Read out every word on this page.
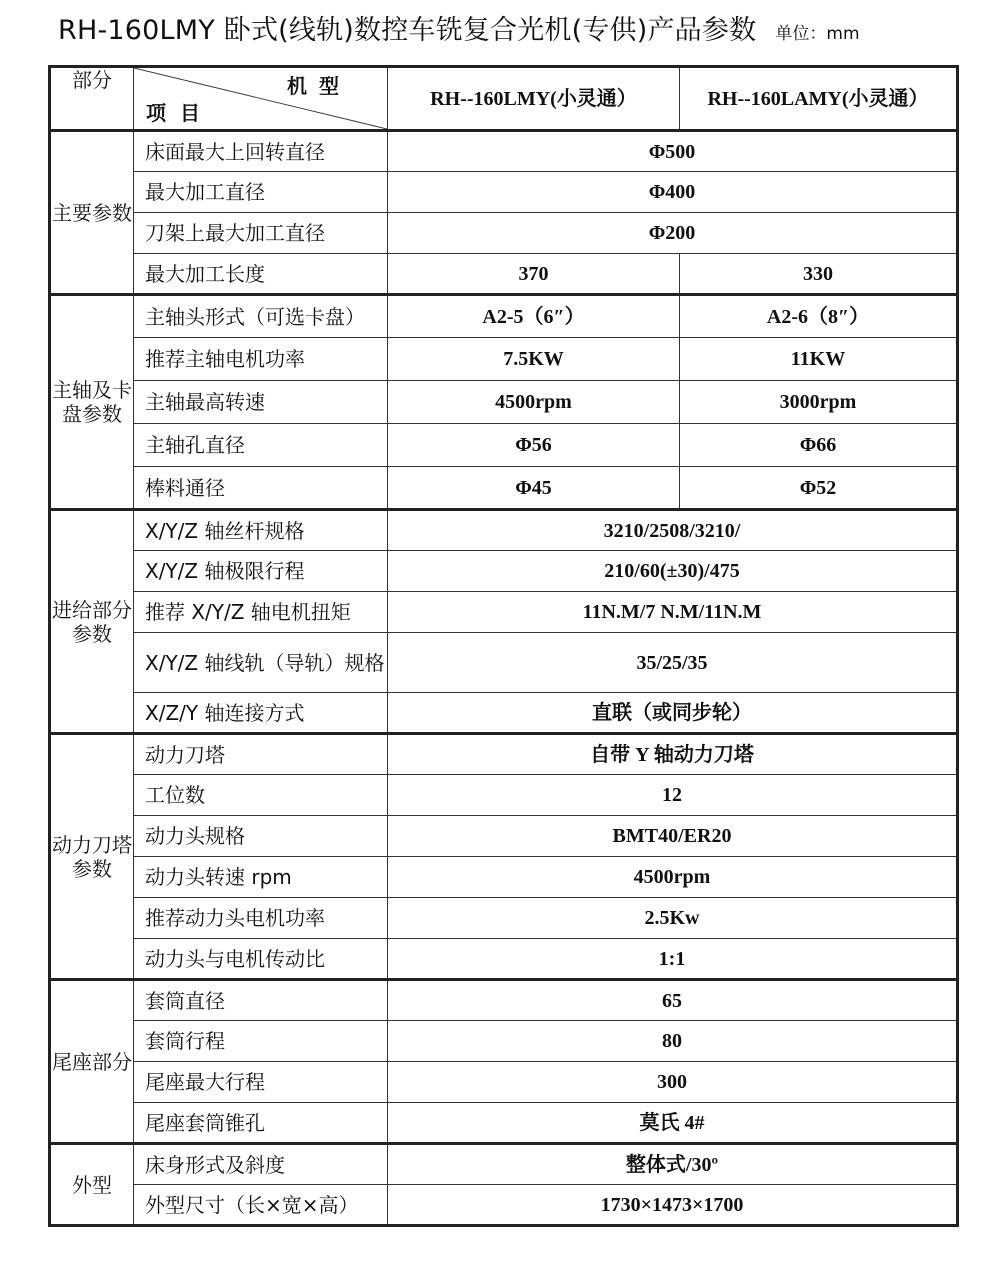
RH-160LMY 卧式(线轨)数控车铣复合光机(专供)产品参数 单位：mm
部分	机型
项目	RH--160LMY(小灵通）	RH--160LAMY(小灵通）
主要参数	床面最大上回转直径	Φ500	
	最大加工直径	Φ400	
	刀架上最大加工直径	Φ200	
	最大加工长度	370	330
主轴及卡盘参数	主轴头形式（可选卡盘）	A2-5（6″）	A2-6（8″）
	推荐主轴电机功率	7.5KW	11KW
	主轴最高转速	4500rpm	3000rpm
	主轴孔直径	Φ56	Φ66
	棒料通径	Φ45	Φ52
进给部分参数	X/Y/Z 轴丝杆规格	3210/2508/3210/	
	X/Y/Z 轴极限行程	210/60(±30)/475	
	推荐 X/Y/Z 轴电机扭矩	11N.M/7 N.M/11N.M	
	X/Y/Z 轴线轨（导轨）规格	35/25/35	
	X/Z/Y 轴连接方式	直联（或同步轮）	
动力刀塔参数	动力刀塔	自带 Y 轴动力刀塔	
	工位数	12	
	动力头规格	BMT40/ER20	
	动力头转速 rpm	4500rpm	
	推荐动力头电机功率	2.5Kw	
	动力头与电机传动比	1:1	
尾座部分	套筒直径	65	
	套筒行程	80	
	尾座最大行程	300	
	尾座套筒锥孔	莫氏 4#	
外型	床身形式及斜度	整体式/30º	
	外型尺寸（长×宽×高）	1730×1473×1700	
